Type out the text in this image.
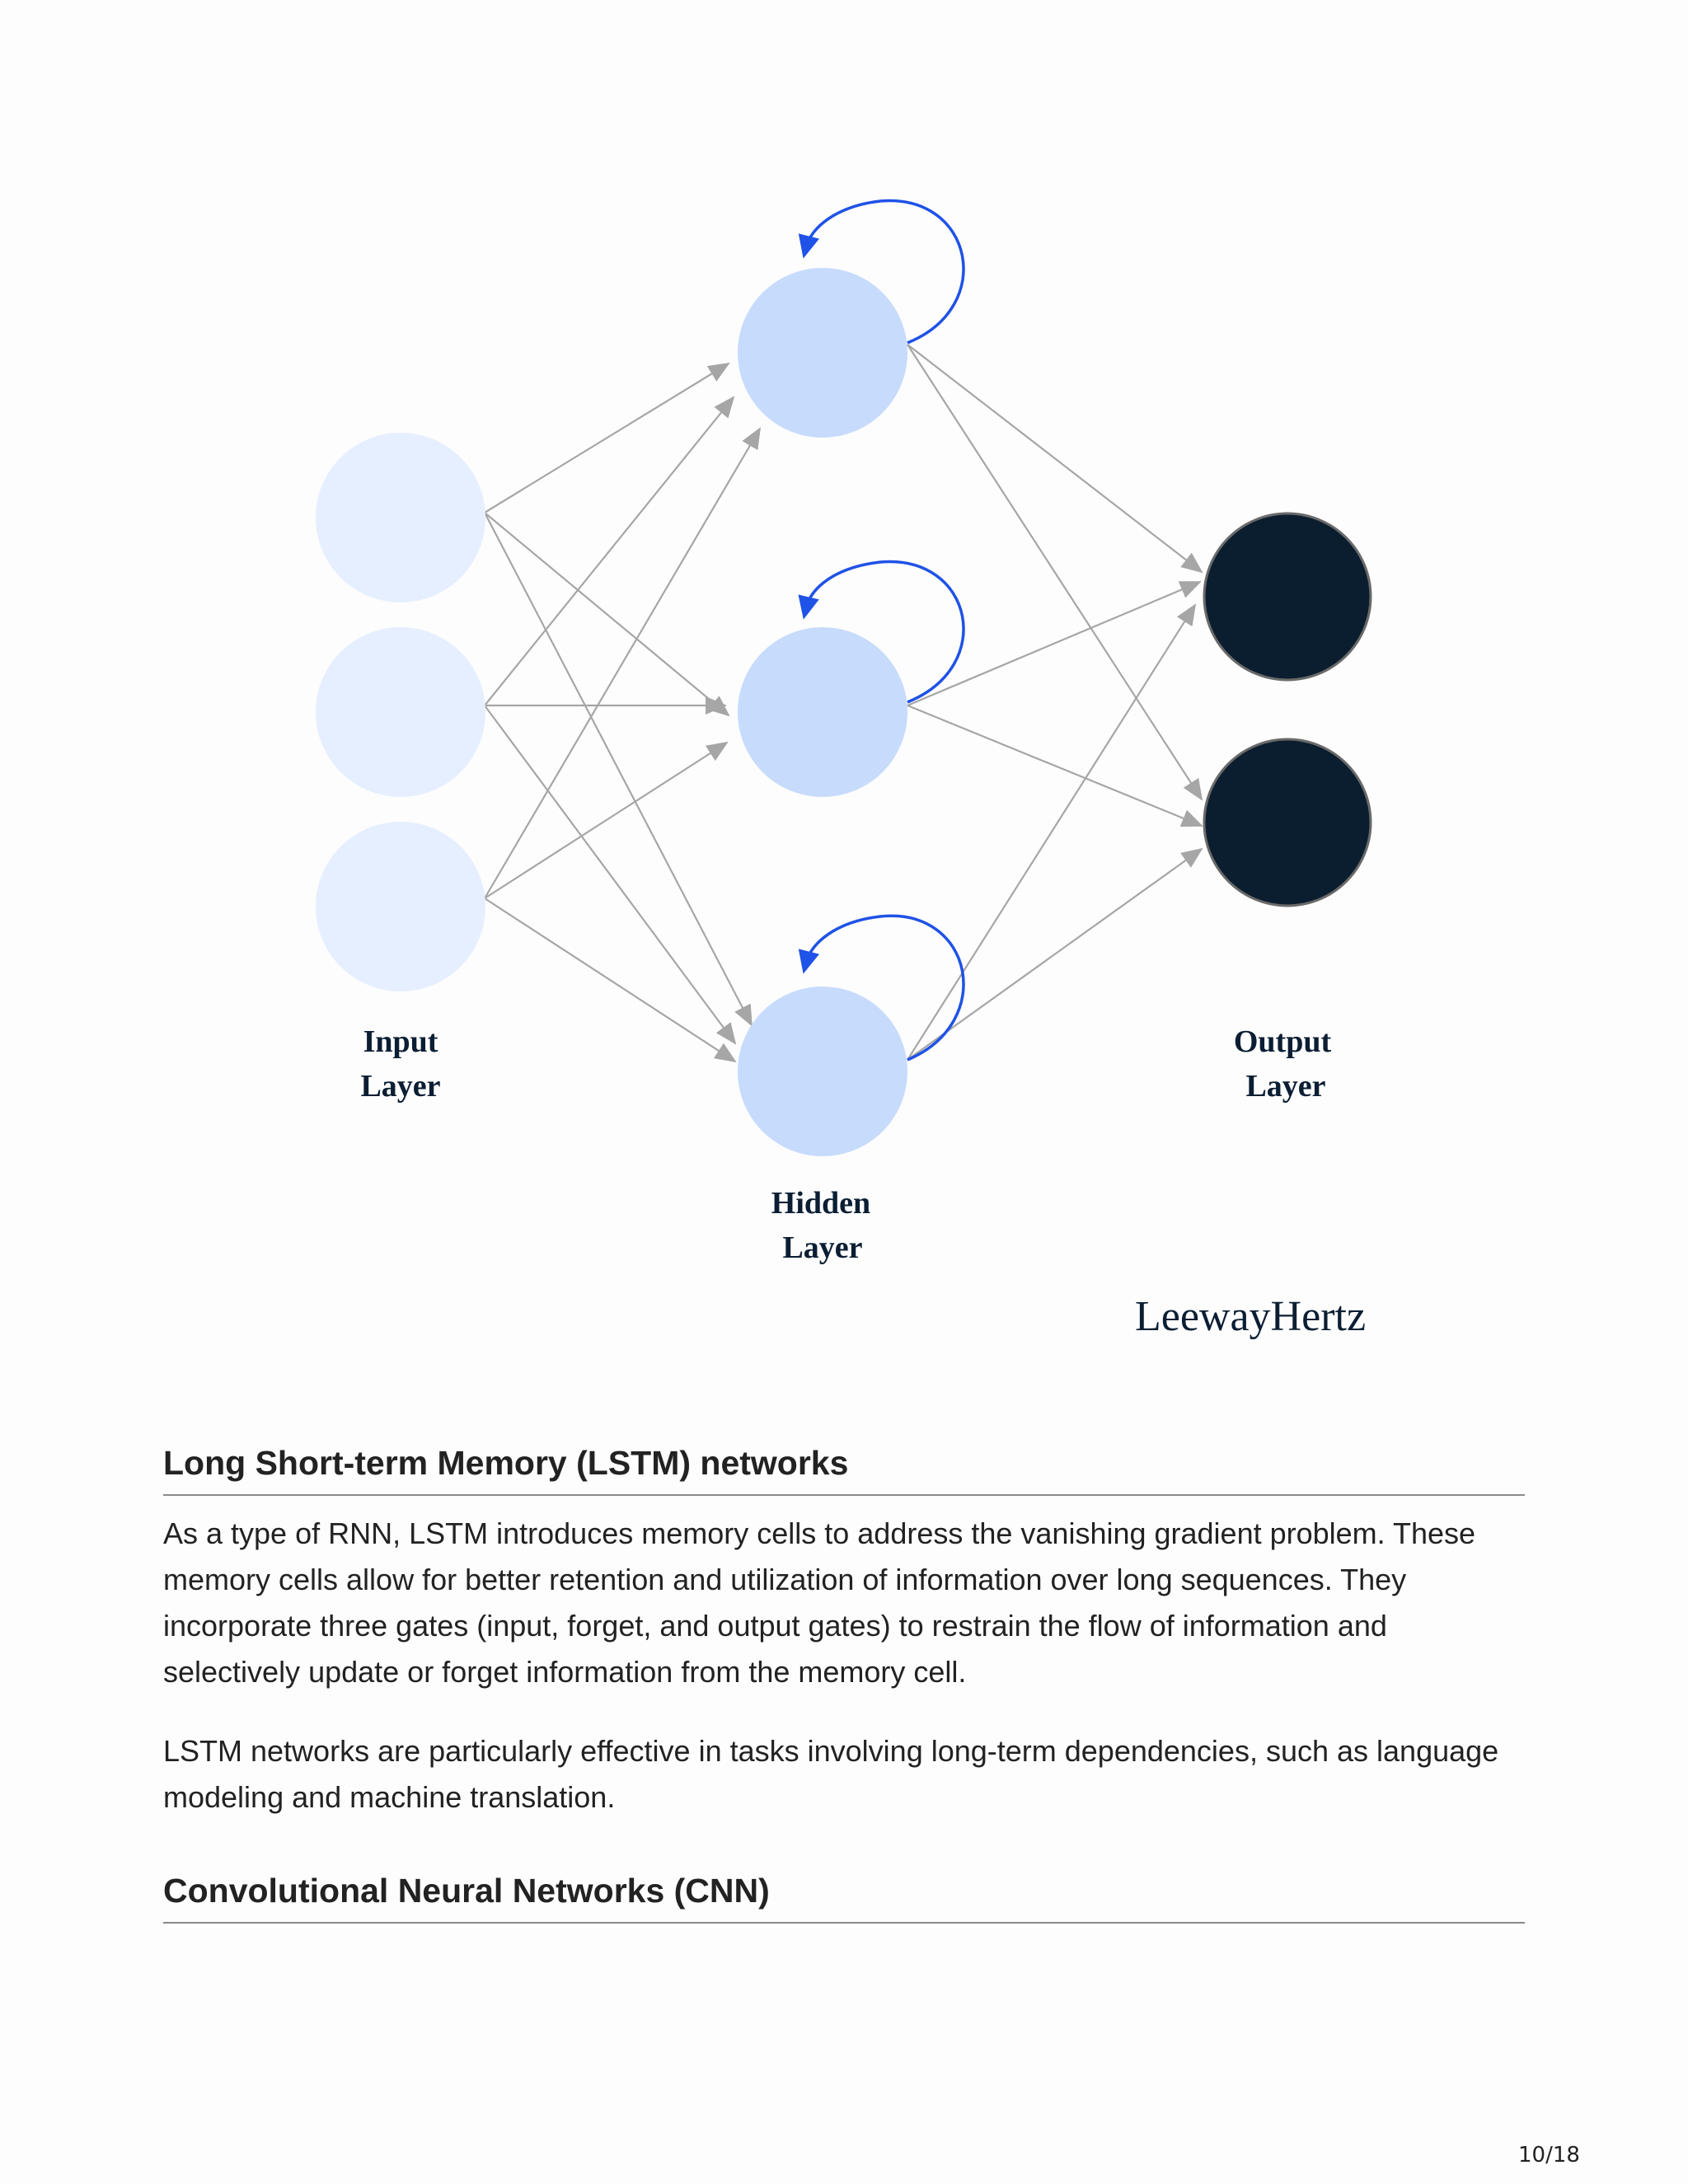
Input
Layer
Hidden
Layer
Output
Layer
LeewayHertz
Long Short-term Memory (LSTM) networks

As a type of RNN, LSTM introduces memory cells to address the vanishing gradient problem. These memory cells allow for better retention and utilization of information over long sequences. They incorporate three gates (input, forget, and output gates) to restrain the flow of information and selectively update or forget information from the memory cell.

LSTM networks are particularly effective in tasks involving long-term dependencies, such as language modeling and machine translation.

Convolutional Neural Networks (CNN)
10/18
